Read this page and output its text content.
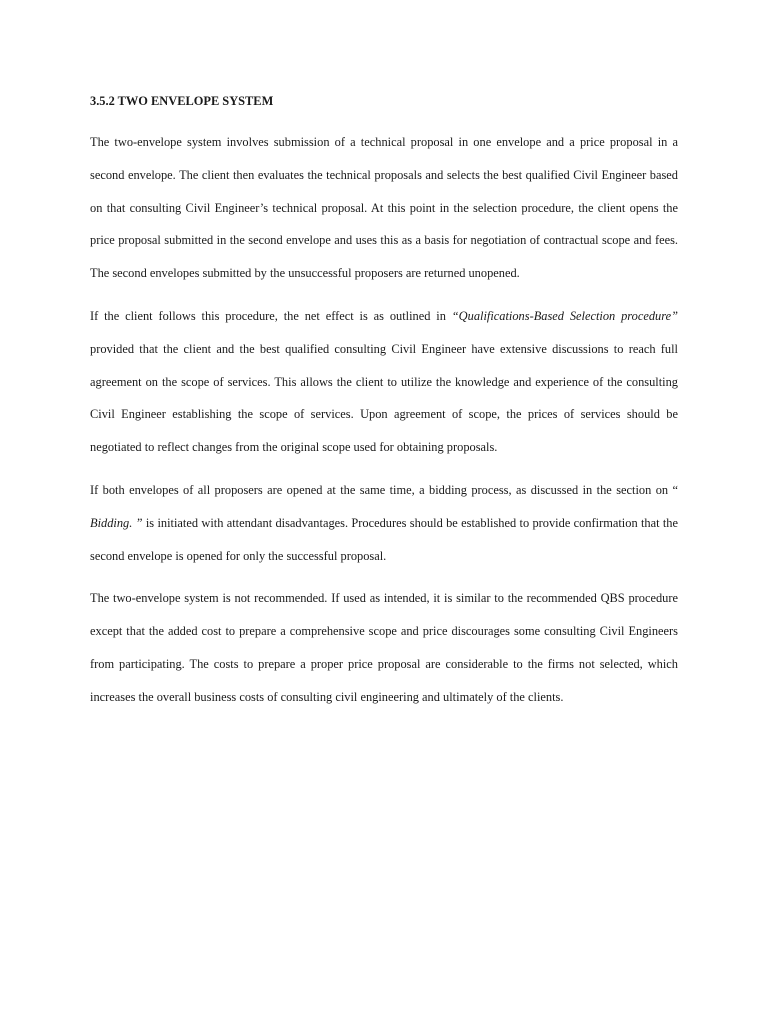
3.5.2 TWO ENVELOPE SYSTEM

The two-envelope system involves submission of a technical proposal in one envelope and a price proposal in a second envelope. The client then evaluates the technical proposals and selects the best qualified Civil Engineer based on that consulting Civil Engineer’s technical proposal. At this point in the selection procedure, the client opens the price proposal submitted in the second envelope and uses this as a basis for negotiation of contractual scope and fees. The second envelopes submitted by the unsuccessful proposers are returned unopened.

If the client follows this procedure, the net effect is as outlined in “Qualifications-Based Selection procedure” provided that the client and the best qualified consulting Civil Engineer have extensive discussions to reach full agreement on the scope of services. This allows the client to utilize the knowledge and experience of the consulting Civil Engineer establishing the scope of services. Upon agreement of scope, the prices of services should be negotiated to reflect changes from the original scope used for obtaining proposals.

If both envelopes of all proposers are opened at the same time, a bidding process, as discussed in the section on “ Bidding. ” is initiated with attendant disadvantages. Procedures should be established to provide confirmation that the second envelope is opened for only the successful proposal.

The two-envelope system is not recommended. If used as intended, it is similar to the recommended QBS procedure except that the added cost to prepare a comprehensive scope and price discourages some consulting Civil Engineers from participating. The costs to prepare a proper price proposal are considerable to the firms not selected, which increases the overall business costs of consulting civil engineering and ultimately of the clients.
